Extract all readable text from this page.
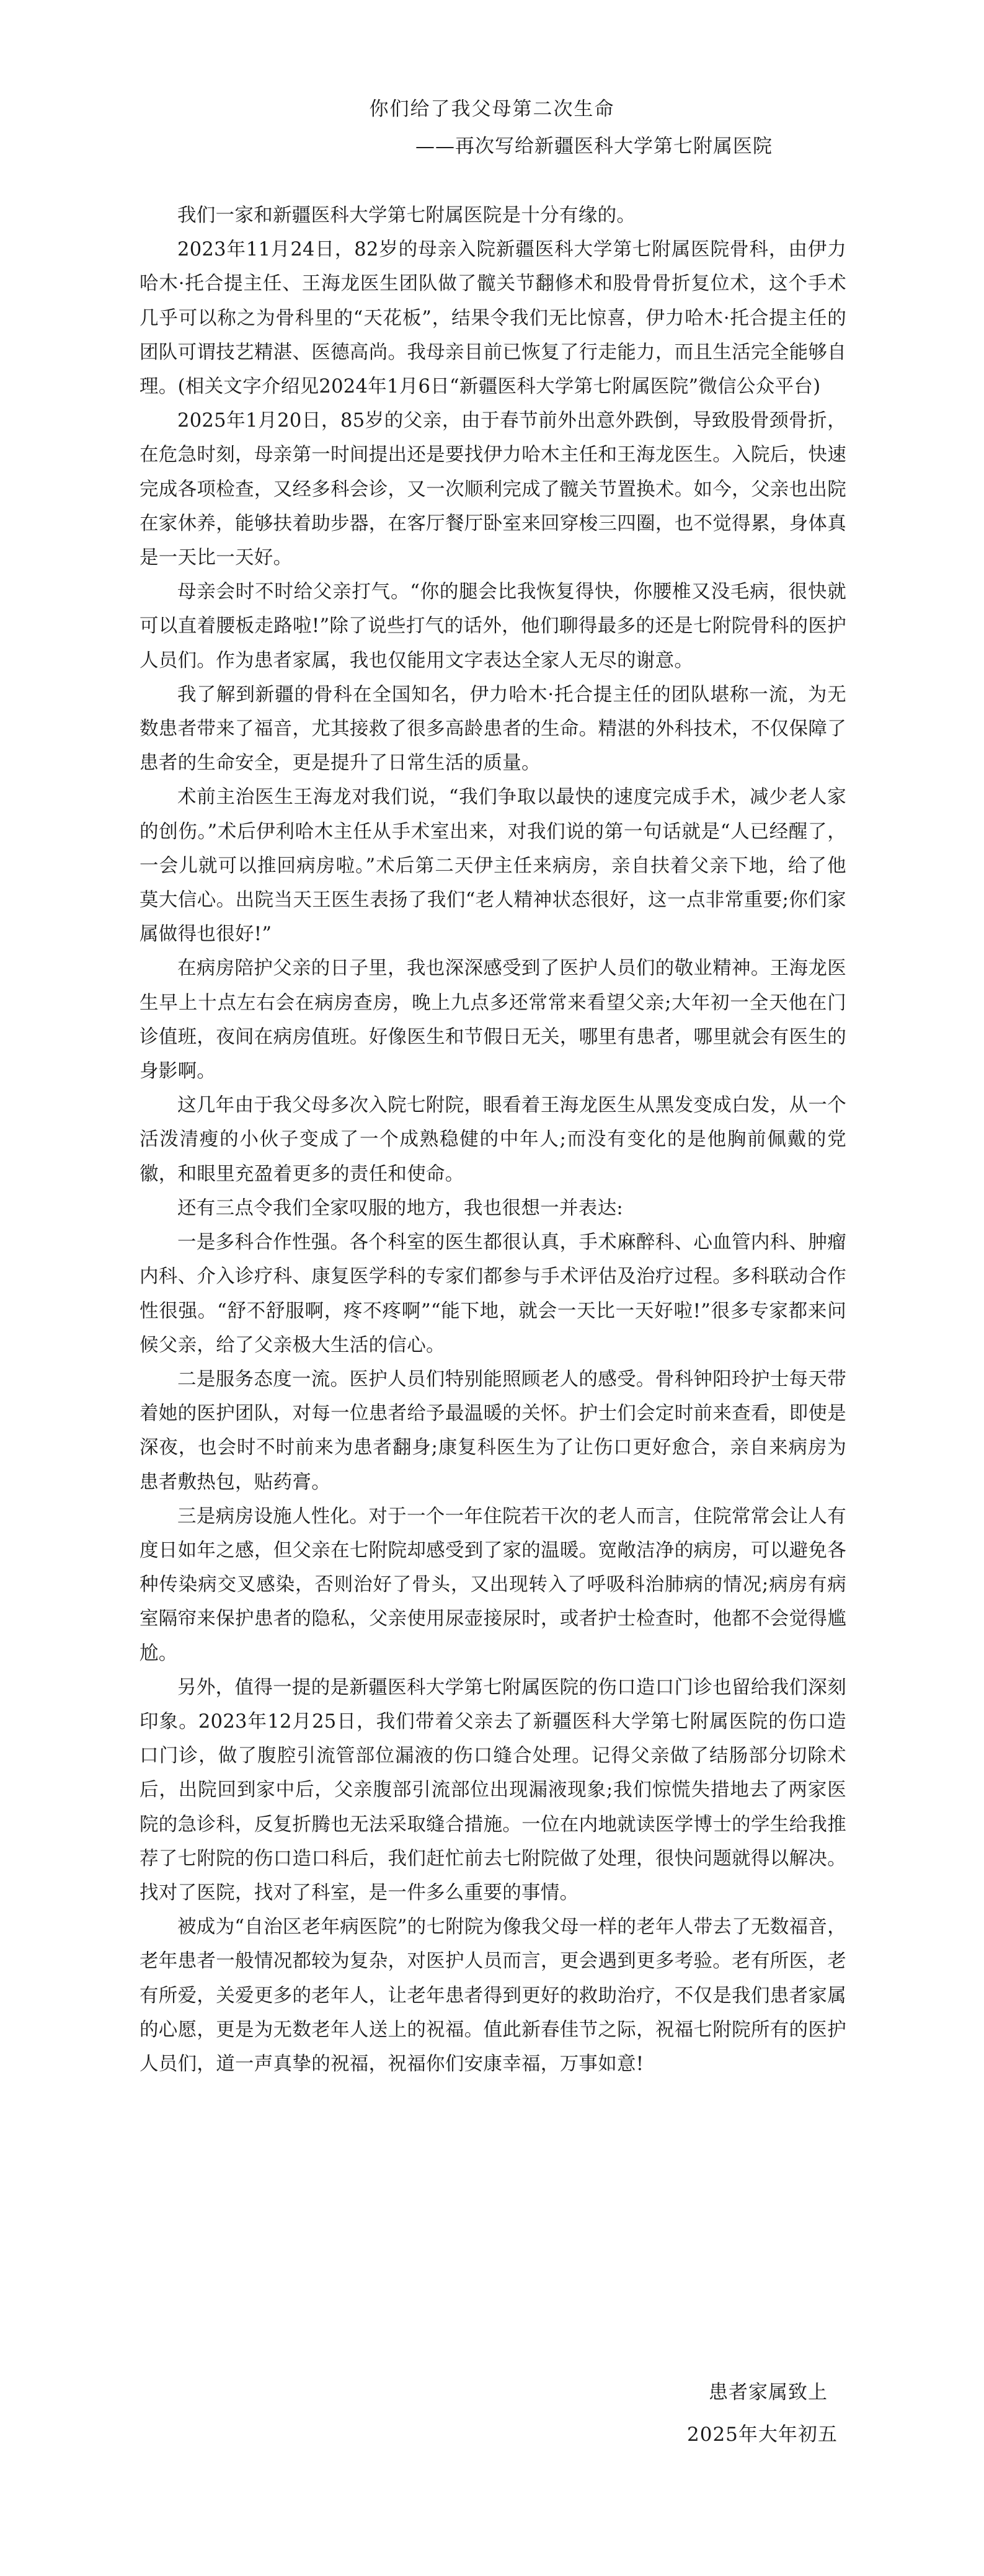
你们给了我父母第二次生命
——再次写给新疆医科大学第七附属医院

我们一家和新疆医科大学第七附属医院是十分有缘的。

2023年11月24日，82岁的母亲入院新疆医科大学第七附属医院骨科，由伊力哈木·托合提主任、王海龙医生团队做了髋关节翻修术和股骨骨折复位术，这个手术几乎可以称之为骨科里的“天花板”，结果令我们无比惊喜，伊力哈木·托合提主任的团队可谓技艺精湛、医德高尚。我母亲目前已恢复了行走能力，而且生活完全能够自理。(相关文字介绍见2024年1月6日“新疆医科大学第七附属医院”微信公众平台)

2025年1月20日，85岁的父亲，由于春节前外出意外跌倒，导致股骨颈骨折，在危急时刻，母亲第一时间提出还是要找伊力哈木主任和王海龙医生。入院后，快速完成各项检查，又经多科会诊，又一次顺利完成了髋关节置换术。如今，父亲也出院在家休养，能够扶着助步器，在客厅餐厅卧室来回穿梭三四圈，也不觉得累，身体真是一天比一天好。

母亲会时不时给父亲打气。“你的腿会比我恢复得快，你腰椎又没毛病，很快就可以直着腰板走路啦!”除了说些打气的话外，他们聊得最多的还是七附院骨科的医护人员们。作为患者家属，我也仅能用文字表达全家人无尽的谢意。

我了解到新疆的骨科在全国知名，伊力哈木·托合提主任的团队堪称一流，为无数患者带来了福音，尤其接救了很多高龄患者的生命。精湛的外科技术，不仅保障了患者的生命安全，更是提升了日常生活的质量。

术前主治医生王海龙对我们说，“我们争取以最快的速度完成手术，减少老人家的创伤。”术后伊利哈木主任从手术室出来，对我们说的第一句话就是“人已经醒了，一会儿就可以推回病房啦。”术后第二天伊主任来病房，亲自扶着父亲下地，给了他莫大信心。出院当天王医生表扬了我们“老人精神状态很好，这一点非常重要;你们家属做得也很好!”

在病房陪护父亲的日子里，我也深深感受到了医护人员们的敬业精神。王海龙医生早上十点左右会在病房查房，晚上九点多还常常来看望父亲;大年初一全天他在门诊值班，夜间在病房值班。好像医生和节假日无关，哪里有患者，哪里就会有医生的身影啊。

这几年由于我父母多次入院七附院，眼看着王海龙医生从黑发变成白发，从一个活泼清瘦的小伙子变成了一个成熟稳健的中年人;而没有变化的是他胸前佩戴的党徽，和眼里充盈着更多的责任和使命。

还有三点令我们全家叹服的地方，我也很想一并表达:

一是多科合作性强。各个科室的医生都很认真，手术麻醉科、心血管内科、肿瘤内科、介入诊疗科、康复医学科的专家们都参与手术评估及治疗过程。多科联动合作性很强。“舒不舒服啊，疼不疼啊”“能下地，就会一天比一天好啦!”很多专家都来问候父亲，给了父亲极大生活的信心。

二是服务态度一流。医护人员们特别能照顾老人的感受。骨科钟阳玲护士每天带着她的医护团队，对每一位患者给予最温暖的关怀。护士们会定时前来查看，即使是深夜，也会时不时前来为患者翻身;康复科医生为了让伤口更好愈合，亲自来病房为患者敷热包，贴药膏。

三是病房设施人性化。对于一个一年住院若干次的老人而言，住院常常会让人有度日如年之感，但父亲在七附院却感受到了家的温暖。宽敞洁净的病房，可以避免各种传染病交叉感染，否则治好了骨头，又出现转入了呼吸科治肺病的情况;病房有病室隔帘来保护患者的隐私，父亲使用尿壶接尿时，或者护士检查时，他都不会觉得尴尬。

另外，值得一提的是新疆医科大学第七附属医院的伤口造口门诊也留给我们深刻印象。2023年12月25日，我们带着父亲去了新疆医科大学第七附属医院的伤口造口门诊，做了腹腔引流管部位漏液的伤口缝合处理。记得父亲做了结肠部分切除术后，出院回到家中后，父亲腹部引流部位出现漏液现象;我们惊慌失措地去了两家医院的急诊科，反复折腾也无法采取缝合措施。一位在内地就读医学博士的学生给我推荐了七附院的伤口造口科后，我们赶忙前去七附院做了处理，很快问题就得以解决。找对了医院，找对了科室，是一件多么重要的事情。

被成为“自治区老年病医院”的七附院为像我父母一样的老年人带去了无数福音，老年患者一般情况都较为复杂，对医护人员而言，更会遇到更多考验。老有所医，老有所爱，关爱更多的老年人，让老年患者得到更好的救助治疗，不仅是我们患者家属的心愿，更是为无数老年人送上的祝福。值此新春佳节之际，祝福七附院所有的医护人员们，道一声真挚的祝福，祝福你们安康幸福，万事如意!

患者家属致上
2025年大年初五
